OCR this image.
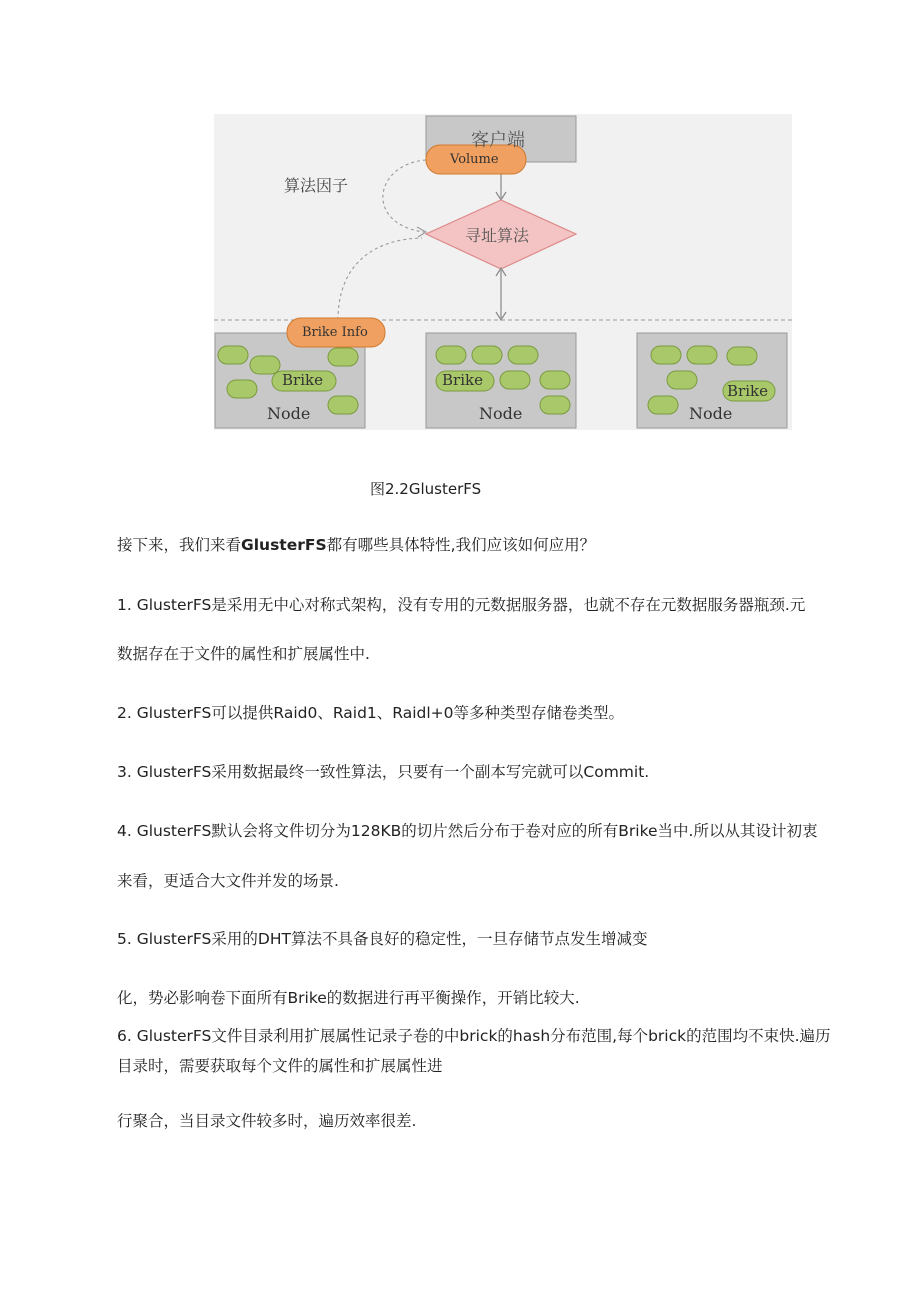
客户端
Volume
算法因子
寻址算法
Brike Info
Brike	Brike
Brike
Node	Node	Node
图2.2GlusterFS
接下来，我们来看GlusterFS都有哪些具体特性,我们应该如何应用？
1. GlusterFS是采用无中心对称式架构，没有专用的元数据服务器，也就不存在元数据服务器瓶颈.元
数据存在于文件的属性和扩展属性中.
2. GlusterFS可以提供Raid0、Raid1、Raidl+0等多种类型存储卷类型。
3. GlusterFS采用数据最终一致性算法，只要有一个副本写完就可以Commit.
4. GlusterFS默认会将文件切分为128KB的切片然后分布于卷对应的所有Brike当中.所以从其设计初衷
来看，更适合大文件并发的场景.
5. GlusterFS采用的DHT算法不具备良好的稳定性，一旦存储节点发生增减变
化，势必影响卷下面所有Brike的数据进行再平衡操作，开销比较大.
6. GlusterFS文件目录利用扩展属性记录子卷的中brick的hash分布范围,每个brick的范围均不束快.遍历
目录时，需要获取每个文件的属性和扩展属性进
行聚合，当目录文件较多时，遍历效率很差.
